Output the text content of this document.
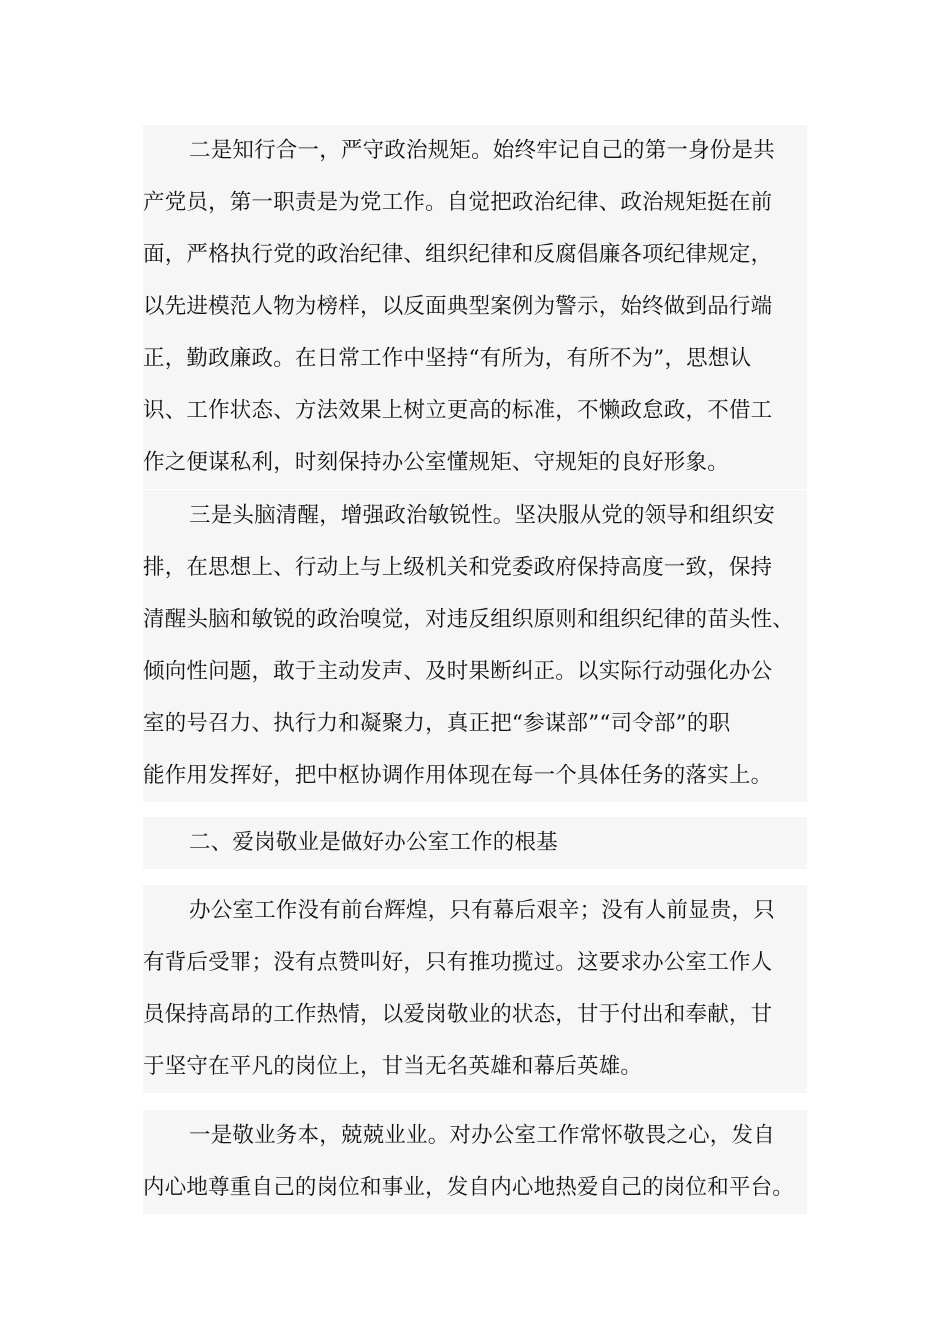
二是知行合一，严守政治规矩。始终牢记自己的第一身份是共
产党员，第一职责是为党工作。自觉把政治纪律、政治规矩挺在前
面，严格执行党的政治纪律、组织纪律和反腐倡廉各项纪律规定，
以先进模范人物为榜样，以反面典型案例为警示，始终做到品行端
正，勤政廉政。在日常工作中坚持“有所为，有所不为”，思想认
识、工作状态、方法效果上树立更高的标准，不懒政怠政，不借工
作之便谋私利，时刻保持办公室懂规矩、守规矩的良好形象。
三是头脑清醒，增强政治敏锐性。坚决服从党的领导和组织安
排，在思想上、行动上与上级机关和党委政府保持高度一致，保持
清醒头脑和敏锐的政治嗅觉，对违反组织原则和组织纪律的苗头性、
倾向性问题，敢于主动发声、及时果断纠正。以实际行动强化办公
室的号召力、执行力和凝聚力，真正把“参谋部”“司令部”的职
能作用发挥好，把中枢协调作用体现在每一个具体任务的落实上。
二、爱岗敬业是做好办公室工作的根基
办公室工作没有前台辉煌，只有幕后艰辛；没有人前显贵，只
有背后受罪；没有点赞叫好，只有推功揽过。这要求办公室工作人
员保持高昂的工作热情，以爱岗敬业的状态，甘于付出和奉献，甘
于坚守在平凡的岗位上，甘当无名英雄和幕后英雄。
一是敬业务本，兢兢业业。对办公室工作常怀敬畏之心，发自
内心地尊重自己的岗位和事业，发自内心地热爱自己的岗位和平台。
